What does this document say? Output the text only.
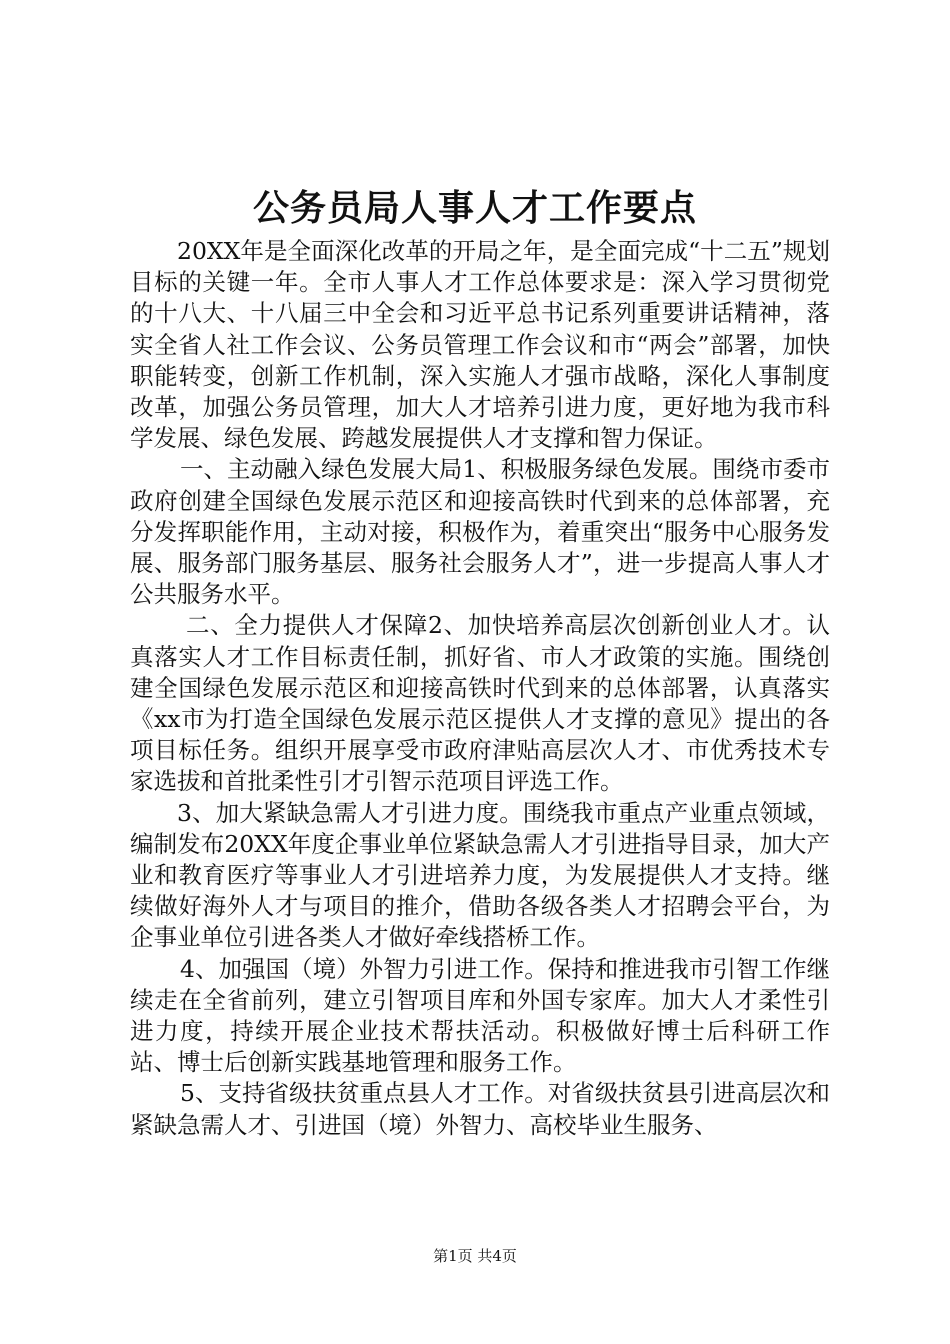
公务员局人事人才工作要点

20XX年是全面深化改革的开局之年，是全面完成“十二五”规划目标的关键一年。全市人事人才工作总体要求是：深入学习贯彻党的十八大、十八届三中全会和习近平总书记系列重要讲话精神，落实全省人社工作会议、公务员管理工作会议和市“两会”部署，加快职能转变，创新工作机制，深入实施人才强市战略，深化人事制度改革，加强公务员管理，加大人才培养引进力度，更好地为我市科学发展、绿色发展、跨越发展提供人才支撑和智力保证。

一、主动融入绿色发展大局1、积极服务绿色发展。围绕市委市政府创建全国绿色发展示范区和迎接高铁时代到来的总体部署，充分发挥职能作用，主动对接，积极作为，着重突出“服务中心服务发展、服务部门服务基层、服务社会服务人才”，进一步提高人事人才公共服务水平。

二、全力提供人才保障2、加快培养高层次创新创业人才。认真落实人才工作目标责任制，抓好省、市人才政策的实施。围绕创建全国绿色发展示范区和迎接高铁时代到来的总体部署，认真落实《xx市为打造全国绿色发展示范区提供人才支撑的意见》提出的各项目标任务。组织开展享受市政府津贴高层次人才、市优秀技术专家选拔和首批柔性引才引智示范项目评选工作。

3、加大紧缺急需人才引进力度。围绕我市重点产业重点领域，编制发布20XX年度企事业单位紧缺急需人才引进指导目录，加大产业和教育医疗等事业人才引进培养力度，为发展提供人才支持。继续做好海外人才与项目的推介，借助各级各类人才招聘会平台，为企事业单位引进各类人才做好牵线搭桥工作。

4、加强国（境）外智力引进工作。保持和推进我市引智工作继续走在全省前列，建立引智项目库和外国专家库。加大人才柔性引进力度，持续开展企业技术帮扶活动。积极做好博士后科研工作站、博士后创新实践基地管理和服务工作。

5、支持省级扶贫重点县人才工作。对省级扶贫县引进高层次和紧缺急需人才、引进国（境）外智力、高校毕业生服务、

第1页 共4页
